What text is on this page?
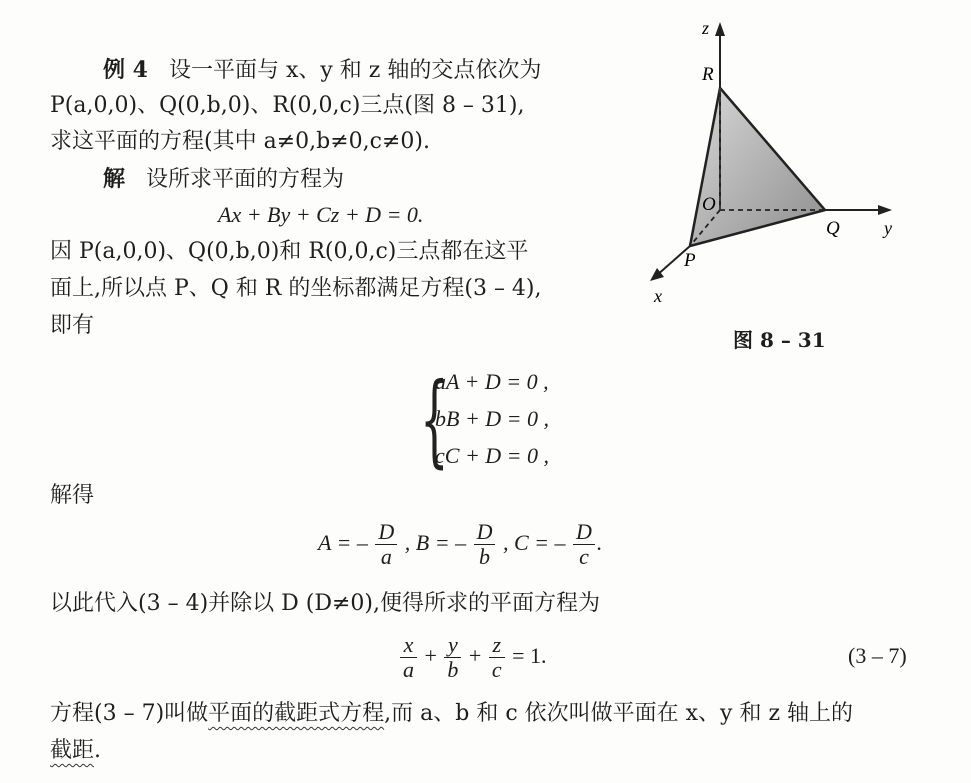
例 4 设一平面与 x、y 和 z 轴的交点依次为
P(a,0,0)、Q(0,b,0)、R(0,0,c)三点(图 8 – 31),
求这平面的方程(其中 a≠0,b≠0,c≠0).
解 设所求平面的方程为
Ax + By + Cz + D = 0.
因 P(a,0,0)、Q(0,b,0)和 R(0,0,c)三点都在这平
面上,所以点 P、Q 和 R 的坐标都满足方程(3 – 4),
即有
{
aA + D = 0 ,
bB + D = 0 ,
cC + D = 0 ,
解得
A = – $\frac{D}{a}$ , B = – $\frac{D}{b}$ , C = – $\frac{D}{c}$ .
以此代入(3 – 4)并除以 D (D≠0),便得所求的平面方程为
$\frac{x}{a} + \frac{y}{b} + \frac{z}{c} = 1$.	(3 – 7)
方程(3 – 7)叫做平面的截距式方程,而 a、b 和 c 依次叫做平面在 x、y 和 z 轴上的
截距.
z
R
O
Q y
P
x
图 8 – 31
